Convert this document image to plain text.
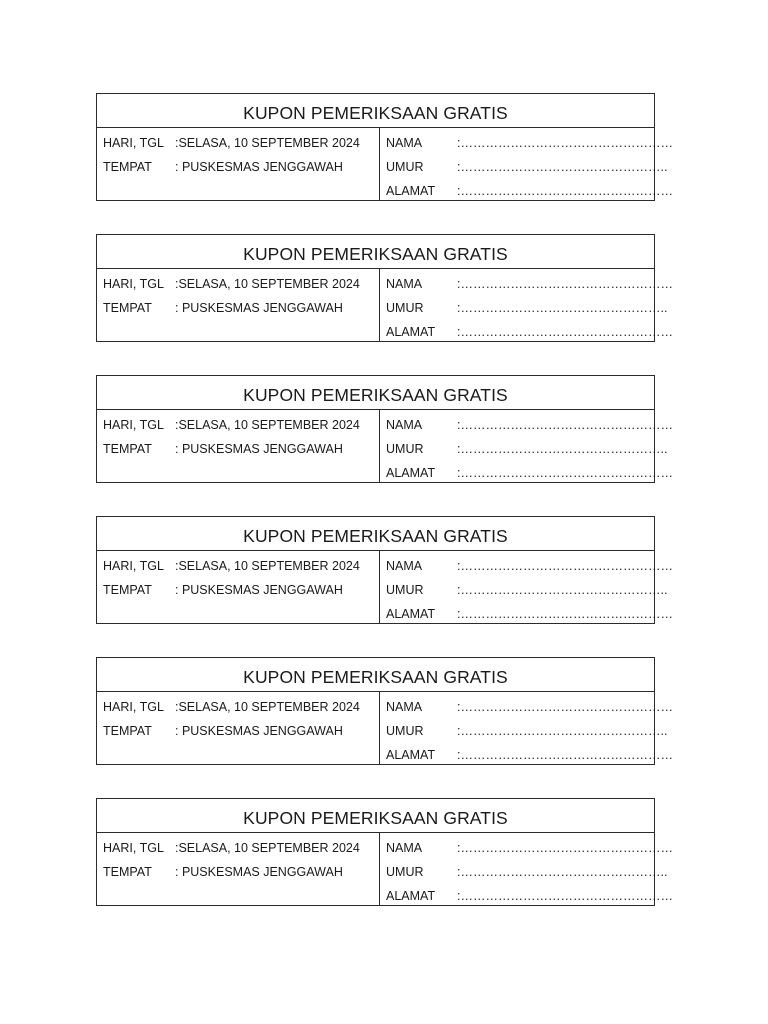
KUPON PEMERIKSAAN GRATIS
HARI, TGL :SELASA, 10 SEPTEMBER 2024
TEMPAT : PUSKESMAS JENGGAWAH
NAMA	:……………………………………………
UMUR	:…………………………………………..
ALAMAT :……………………………………………
KUPON PEMERIKSAAN GRATIS
HARI, TGL :SELASA, 10 SEPTEMBER 2024
TEMPAT : PUSKESMAS JENGGAWAH
NAMA	:……………………………………………
UMUR	:…………………………………………..
ALAMAT :……………………………………………
KUPON PEMERIKSAAN GRATIS
HARI, TGL :SELASA, 10 SEPTEMBER 2024
TEMPAT : PUSKESMAS JENGGAWAH
NAMA	:……………………………………………
UMUR	:…………………………………………..
ALAMAT :……………………………………………
KUPON PEMERIKSAAN GRATIS
HARI, TGL :SELASA, 10 SEPTEMBER 2024
TEMPAT : PUSKESMAS JENGGAWAH
NAMA	:……………………………………………
UMUR	:…………………………………………..
ALAMAT :……………………………………………
KUPON PEMERIKSAAN GRATIS
HARI, TGL :SELASA, 10 SEPTEMBER 2024
TEMPAT : PUSKESMAS JENGGAWAH
NAMA	:……………………………………………
UMUR	:…………………………………………..
ALAMAT :……………………………………………
KUPON PEMERIKSAAN GRATIS
HARI, TGL :SELASA, 10 SEPTEMBER 2024
TEMPAT : PUSKESMAS JENGGAWAH
NAMA	:……………………………………………
UMUR	:…………………………………………..
ALAMAT :……………………………………………
